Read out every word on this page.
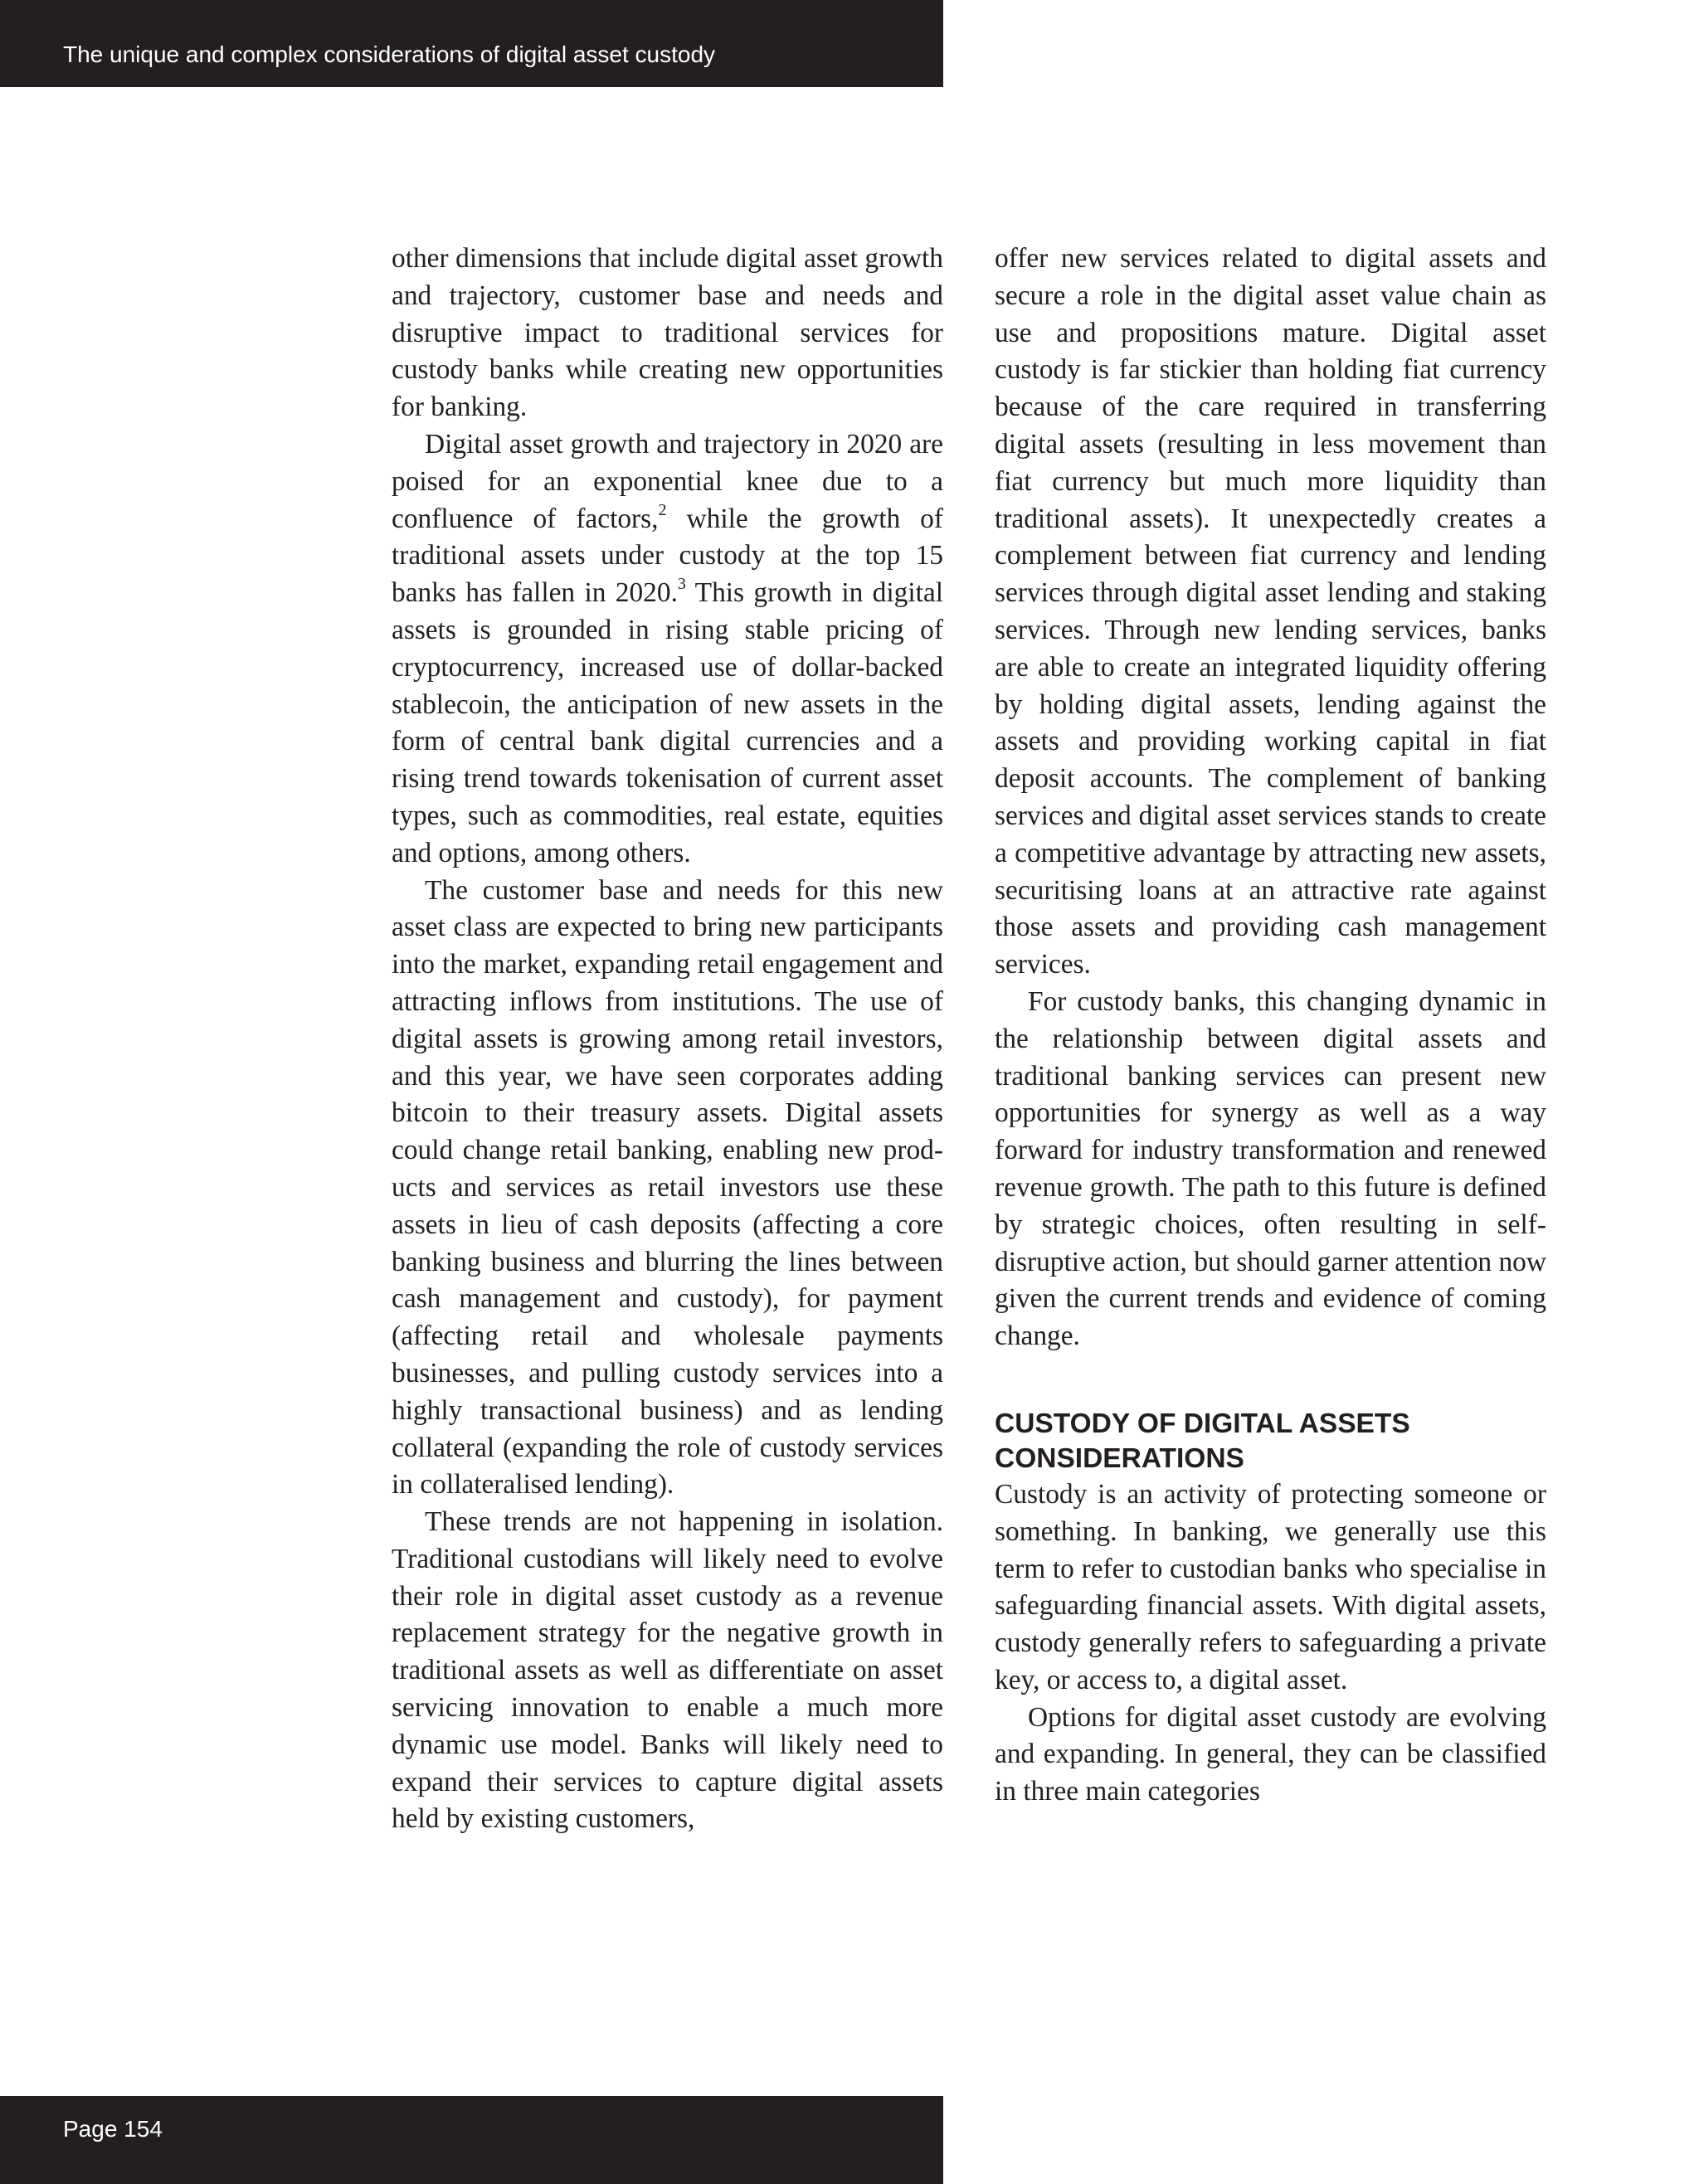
The unique and complex considerations of digital asset custody

other dimensions that include digital asset growth and trajectory, customer base and needs and disruptive impact to traditional services for custody banks while creating new opportunities for banking.

Digital asset growth and trajectory in 2020 are poised for an exponential knee due to a confluence of factors,$^2$ while the growth of traditional assets under custody at the top 15 banks has fallen in 2020.$^3$ This growth in digital assets is grounded in rising stable pricing of cryptocurrency, increased use of dollar-backed stablecoin, the anticipation of new assets in the form of central bank digital currencies and a rising trend towards tokenisation of current asset types, such as commodities, real estate, equities and options, among others.

The customer base and needs for this new asset class are expected to bring new participants into the market, expanding retail engagement and attracting inflows from institutions. The use of digital assets is growing among retail investors, and this year, we have seen corporates adding bitcoin to their treasury assets. Digital assets could change retail banking, enabling new products and services as retail investors use these assets in lieu of cash deposits (affecting a core banking business and blurring the lines between cash management and custody), for payment (affecting retail and wholesale payments businesses, and pulling custody services into a highly transactional business) and as lending collateral (expanding the role of custody services in collateralised lending).

These trends are not happening in isolation. Traditional custodians will likely need to evolve their role in digital asset custody as a revenue replacement strategy for the negative growth in traditional assets as well as differentiate on asset servicing innovation to enable a much more dynamic use model. Banks will likely need to expand their services to capture digital assets held by existing customers,

offer new services related to digital assets and secure a role in the digital asset value chain as use and propositions mature. Digital asset custody is far stickier than holding fiat currency because of the care required in transferring digital assets (resulting in less movement than fiat currency but much more liquidity than traditional assets). It unexpectedly creates a complement between fiat currency and lending services through digital asset lending and staking services. Through new lending services, banks are able to create an integrated liquidity offering by holding digital assets, lending against the assets and providing working capital in fiat deposit accounts. The complement of banking services and digital asset services stands to create a competitive advantage by attracting new assets, securitising loans at an attractive rate against those assets and providing cash management services.

For custody banks, this changing dynamic in the relationship between digital assets and traditional banking services can present new opportunities for synergy as well as a way forward for industry transformation and renewed revenue growth. The path to this future is defined by strategic choices, often resulting in self-disruptive action, but should garner attention now given the current trends and evidence of coming change.

CUSTODY OF DIGITAL ASSETS CONSIDERATIONS

Custody is an activity of protecting someone or something. In banking, we generally use this term to refer to custodian banks who specialise in safeguarding financial assets. With digital assets, custody generally refers to safeguarding a private key, or access to, a digital asset.

Options for digital asset custody are evolving and expanding. In general, they can be classified in three main categories

Page 154
